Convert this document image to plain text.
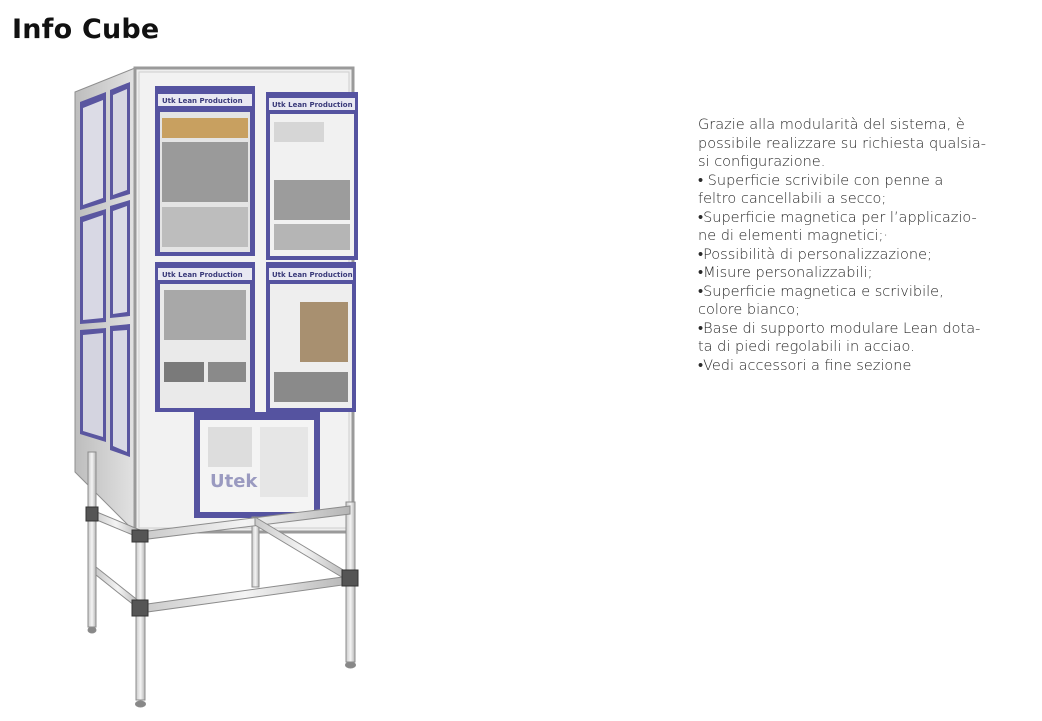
Info Cube
Utk Lean Production	Utk Lean Production
Utk Lean Production	Utk Lean Production
Utek

Grazie alla modularità del sistema, è
possibile realizzare su richiesta qualsia-
si configurazione.

• Superficie scrivibile con penne a
feltro cancellabili a secco;
•Superficie magnetica per l’applicazio-
ne di elementi magnetici;·
•Possibilità di personalizzazione;
•Misure personalizzabili;
•Superficie magnetica e scrivibile,
colore bianco;
•Base di supporto modulare Lean dota-
ta di piedi regolabili in acciao.
•Vedi accessori a fine sezione
